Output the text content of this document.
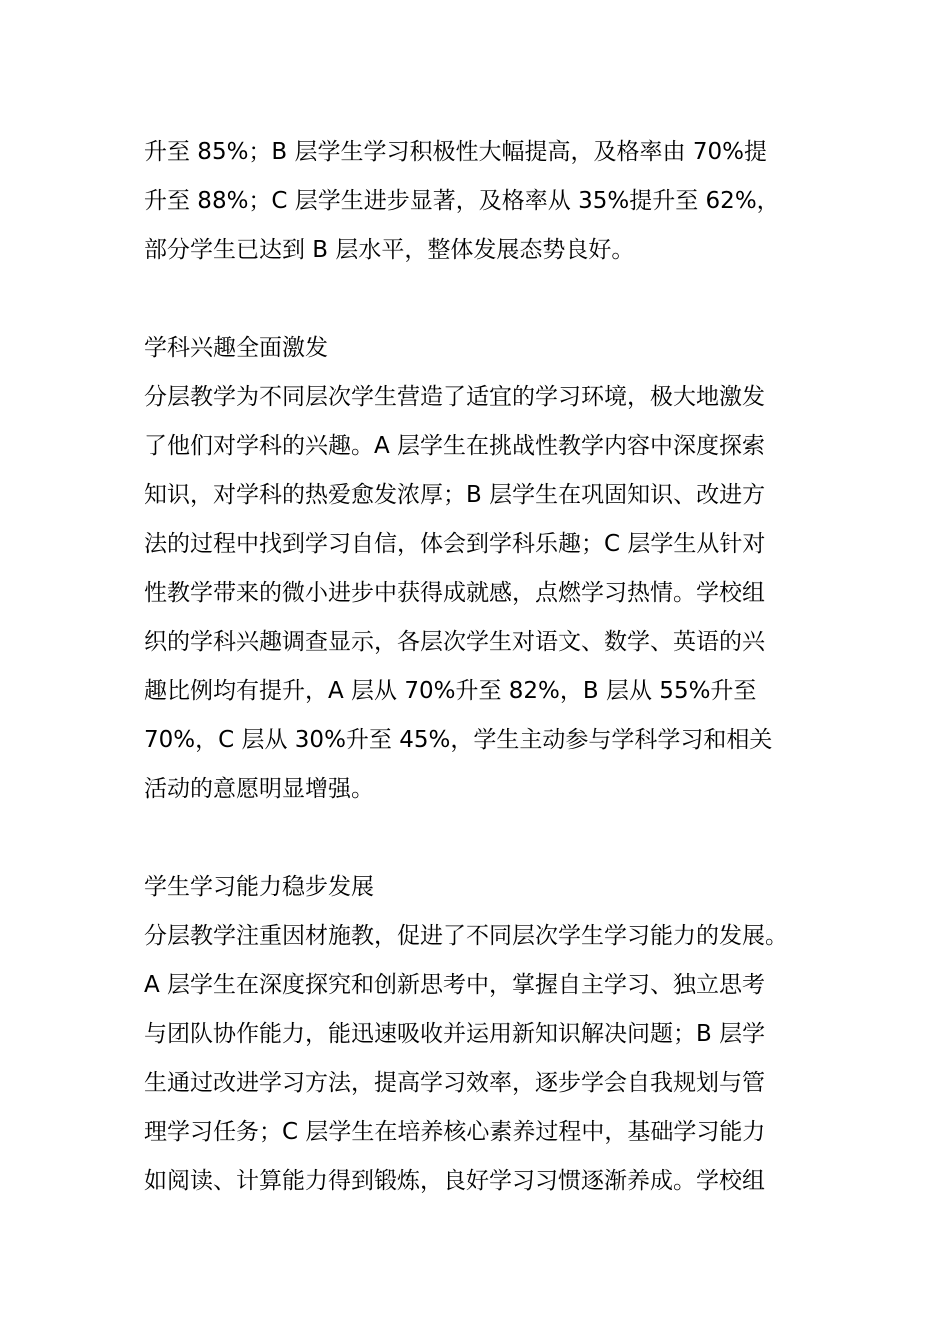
升至 85%；B 层学生学习积极性大幅提高，及格率由 70%提

升至 88%；C 层学生进步显著，及格率从 35%提升至 62%，

部分学生已达到 B 层水平，整体发展态势良好。

学科兴趣全面激发

分层教学为不同层次学生营造了适宜的学习环境，极大地激发

了他们对学科的兴趣。A 层学生在挑战性教学内容中深度探索

知识，对学科的热爱愈发浓厚；B 层学生在巩固知识、改进方

法的过程中找到学习自信，体会到学科乐趣；C 层学生从针对

性教学带来的微小进步中获得成就感，点燃学习热情。学校组

织的学科兴趣调查显示，各层次学生对语文、数学、英语的兴

趣比例均有提升，A 层从 70%升至 82%，B 层从 55%升至

70%，C 层从 30%升至 45%，学生主动参与学科学习和相关

活动的意愿明显增强。

学生学习能力稳步发展

分层教学注重因材施教，促进了不同层次学生学习能力的发展。

A 层学生在深度探究和创新思考中，掌握自主学习、独立思考

与团队协作能力，能迅速吸收并运用新知识解决问题；B 层学

生通过改进学习方法，提高学习效率，逐步学会自我规划与管

理学习任务；C 层学生在培养核心素养过程中，基础学习能力

如阅读、计算能力得到锻炼，良好学习习惯逐渐养成。学校组
